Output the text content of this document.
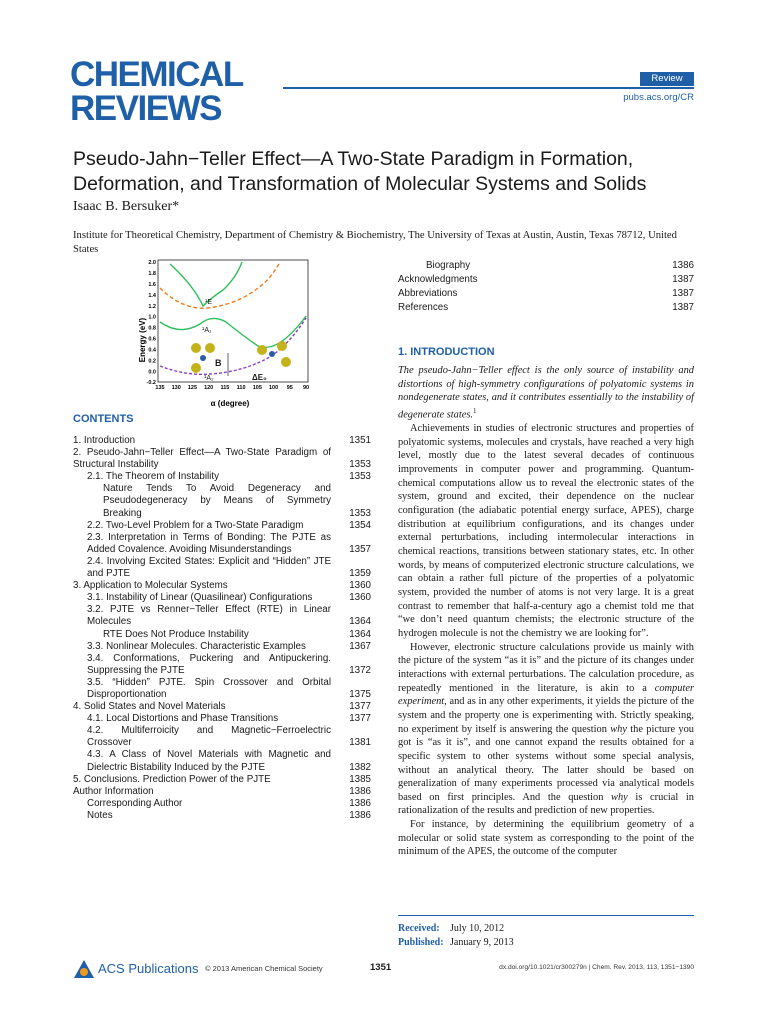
CHEMICAL
REVIEWS
Review
pubs.acs.org/CR
Pseudo-Jahn−Teller Effect—A Two-State Paradigm in Formation, Deformation, and Transformation of Molecular Systems and Solids
Isaac B. Bersuker*
Institute for Theoretical Chemistry, Department of Chemistry & Biochemistry, The University of Texas at Austin, Austin, Texas 78712, United States
2.0
1.8
1.6
1.4
1.2
1.0
0.8
0.6
0.4
0.2
0.0
-0.2
135 130 125 120 115 110 105 100 95 90
Energy (eV)
α (degree)
¹E
¹A₁
¹A₂
B
ΔE₀
CONTENTS
1. Introduction	1351
2. Pseudo-Jahn−Teller Effect—A Two-State Paradigm of Structural Instability	1353
2.1. The Theorem of Instability	1353
Nature Tends To Avoid Degeneracy and Pseudodegeneracy by Means of Symmetry Breaking	1353
2.2. Two-Level Problem for a Two-State Paradigm	1354
2.3. Interpretation in Terms of Bonding: The PJTE as Added Covalence. Avoiding Misunderstandings	1357
2.4. Involving Excited States: Explicit and “Hidden” JTE and PJTE	1359
3. Application to Molecular Systems	1360
3.1. Instability of Linear (Quasilinear) Configurations	1360
3.2. PJTE vs Renner−Teller Effect (RTE) in Linear Molecules	1364
RTE Does Not Produce Instability	1364
3.3. Nonlinear Molecules. Characteristic Examples	1367
3.4. Conformations, Puckering and Antipuckering. Suppressing the PJTE	1372
3.5. “Hidden” PJTE. Spin Crossover and Orbital Disproportionation	1375
4. Solid States and Novel Materials	1377
4.1. Local Distortions and Phase Transitions	1377
4.2. Multiferroicity and Magnetic−Ferroelectric Crossover	1381
4.3. A Class of Novel Materials with Magnetic and Dielectric Bistability Induced by the PJTE	1382
5. Conclusions. Prediction Power of the PJTE	1385
Author Information	1386
Corresponding Author	1386
Notes	1386
Biography	1386
Acknowledgments	1387
Abbreviations	1387
References	1387
1. INTRODUCTION

The pseudo-Jahn−Teller effect is the only source of instability and distortions of high-symmetry configurations of polyatomic systems in nondegenerate states, and it contributes essentially to the instability of degenerate states.$^1$

Achievements in studies of electronic structures and properties of polyatomic systems, molecules and crystals, have reached a very high level, mostly due to the latest several decades of continuous improvements in computer power and programming. Quantum-chemical computations allow us to reveal the electronic states of the system, ground and excited, their dependence on the nuclear configuration (the adiabatic potential energy surface, APES), charge distribution at equilibrium configurations, and its changes under external perturbations, including intermolecular interactions in chemical reactions, transitions between stationary states, etc. In other words, by means of computerized electronic structure calculations, we can obtain a rather full picture of the properties of a polyatomic system, provided the number of atoms is not very large. It is a great contrast to remember that half-a-century ago a chemist told me that “we don’t need quantum chemists; the electronic structure of the hydrogen molecule is not the chemistry we are looking for”.

However, electronic structure calculations provide us mainly with the picture of the system “as it is” and the picture of its changes under interactions with external perturbations. The calculation procedure, as repeatedly mentioned in the literature, is akin to a computer experiment, and as in any other experiments, it yields the picture of the system and the property one is experimenting with. Strictly speaking, no experiment by itself is answering the question why the picture you got is “as it is”, and one cannot expand the results obtained for a specific system to other systems without some special analysis, without an analytical theory. The latter should be based on generalization of many experiments processed via analytical models based on first principles. And the question why is crucial in rationalization of the results and prediction of new properties.

For instance, by determining the equilibrium geometry of a molecular or solid state system as corresponding to the point of the minimum of the APES, the outcome of the computer

Received: July 10, 2012
Published: January 9, 2013
ACS Publications © 2013 American Chemical Society	1351	dx.doi.org/10.1021/cr300279n | Chem. Rev. 2013, 113, 1351−1390
